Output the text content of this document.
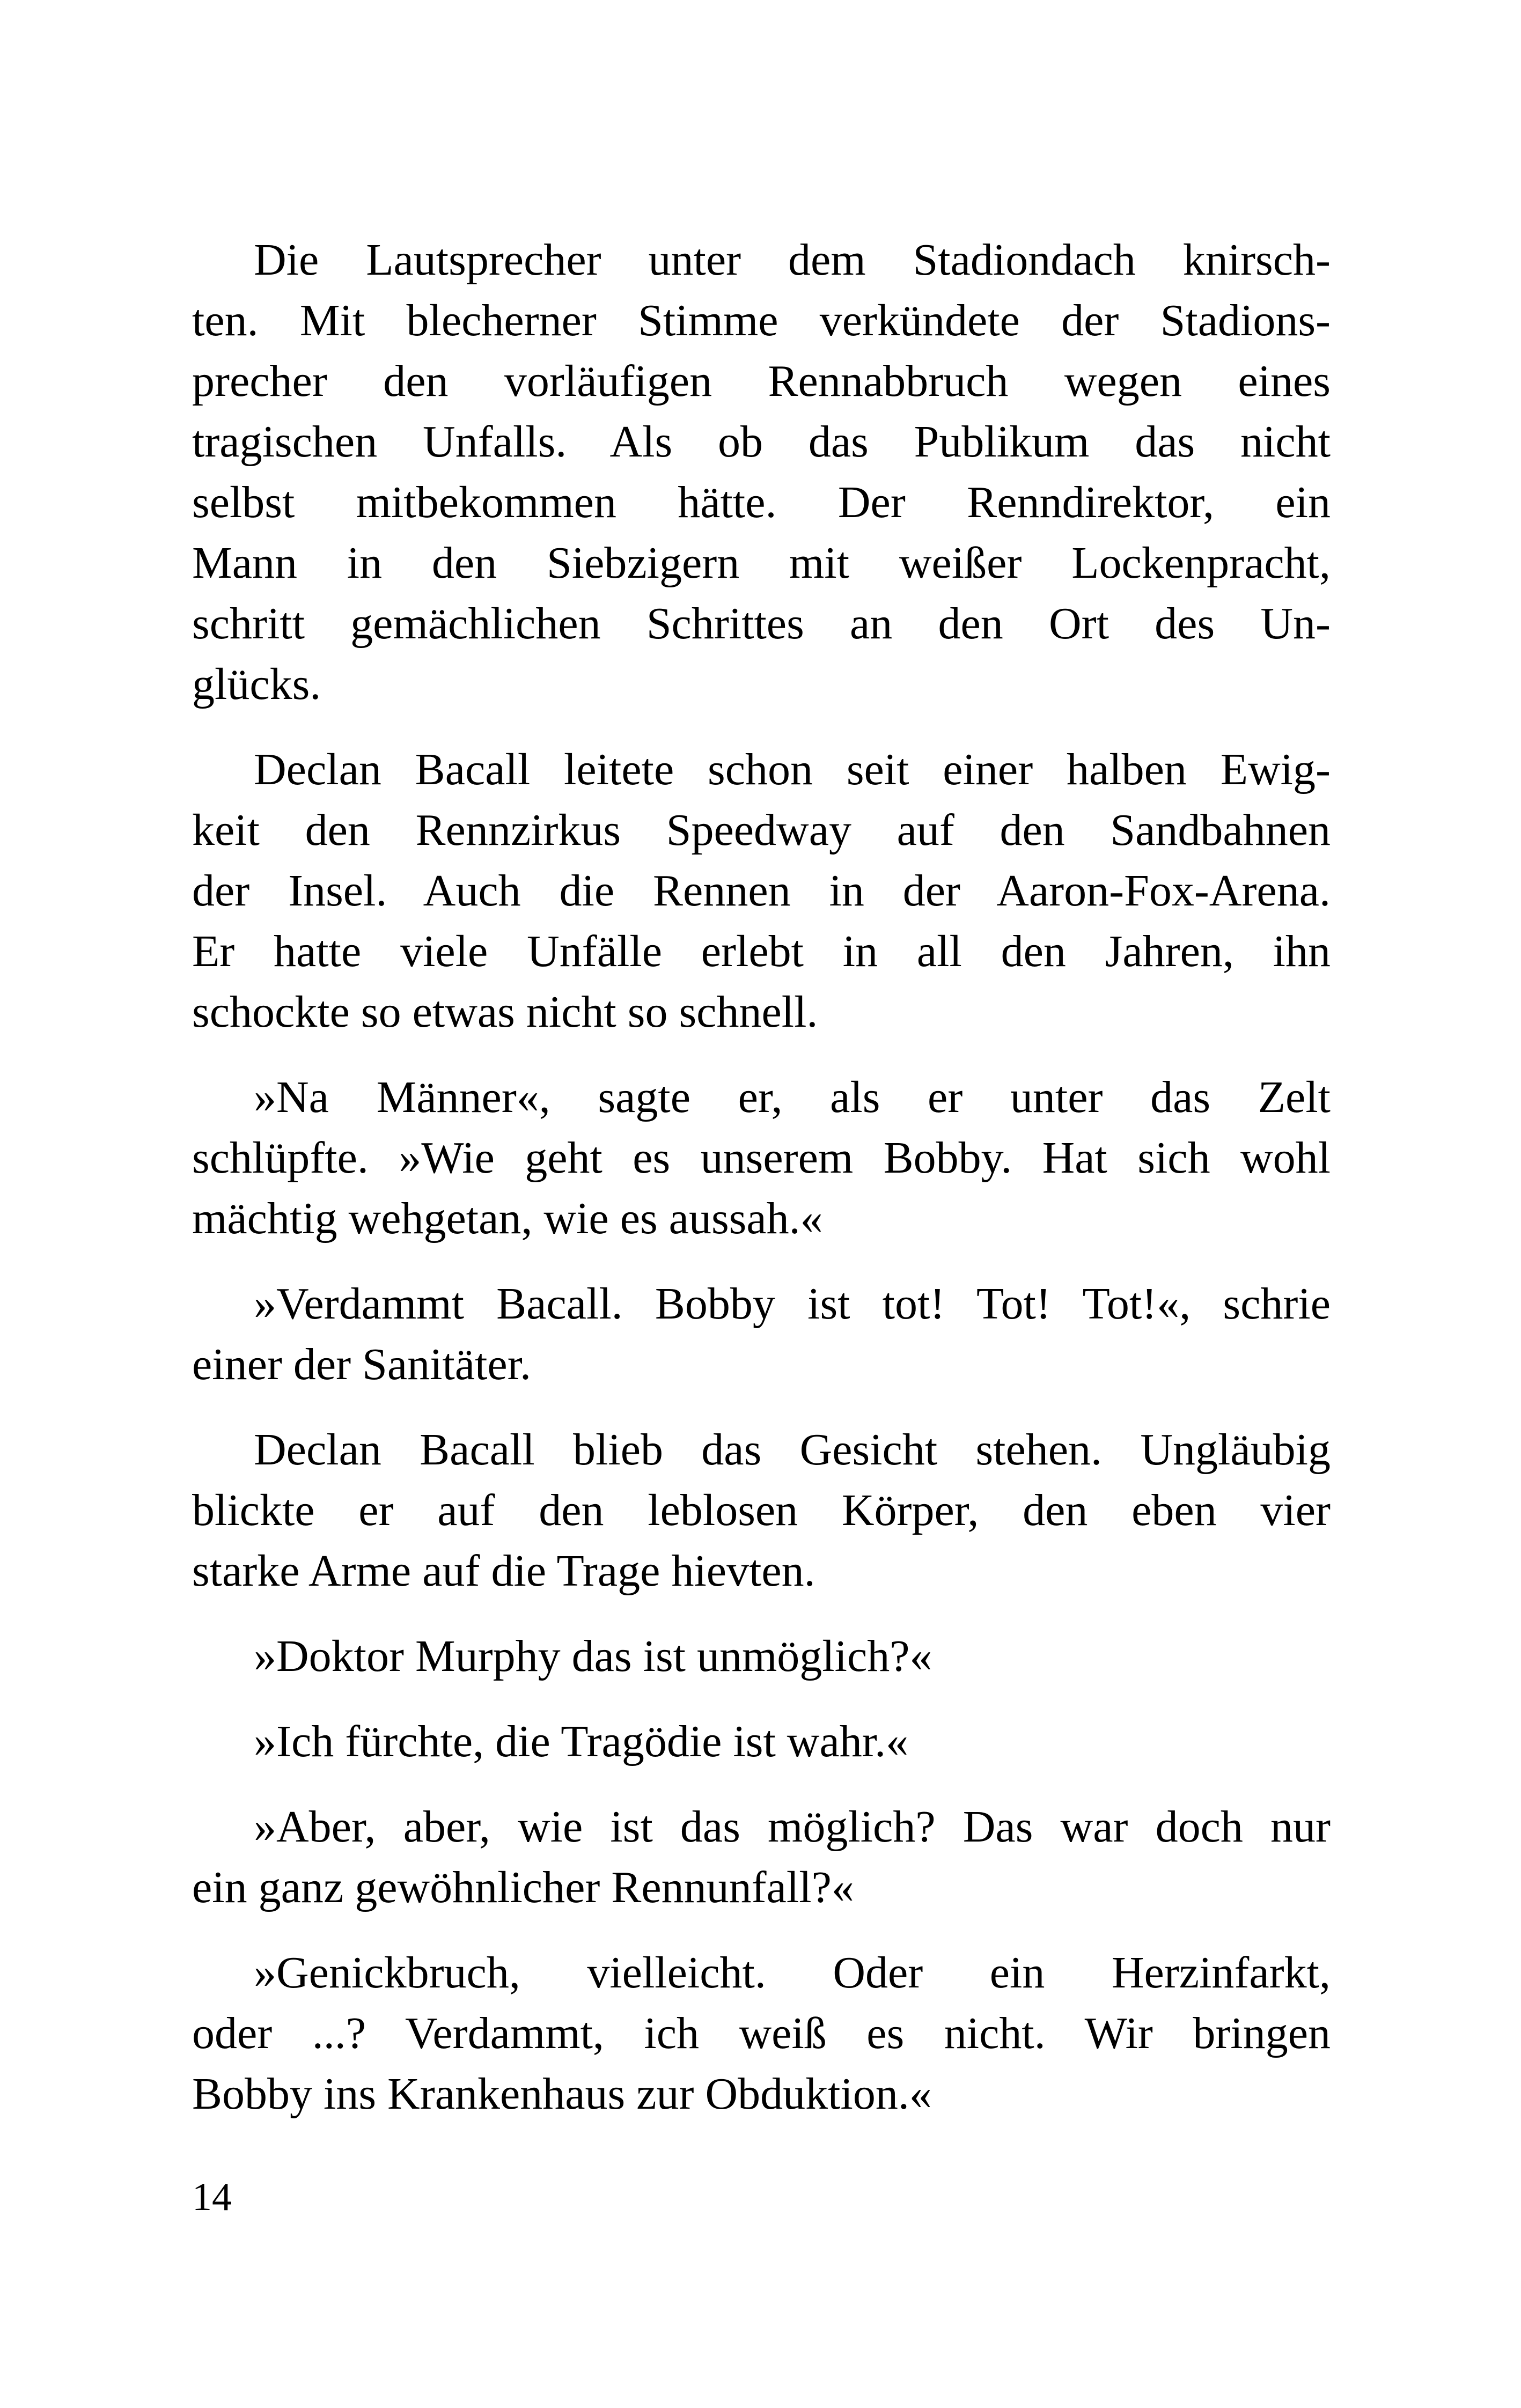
Die Lautsprecher unter dem Stadiondach knirsch-
ten. Mit blecherner Stimme verkündete der Stadions-
precher den vorläufigen Rennabbruch wegen eines
tragischen Unfalls. Als ob das Publikum das nicht
selbst mitbekommen hätte. Der Renndirektor, ein
Mann in den Siebzigern mit weißer Lockenpracht,
schritt gemächlichen Schrittes an den Ort des Un-
glücks.
Declan Bacall leitete schon seit einer halben Ewig-
keit den Rennzirkus Speedway auf den Sandbahnen
der Insel. Auch die Rennen in der Aaron-Fox-Arena.
Er hatte viele Unfälle erlebt in all den Jahren, ihn
schockte so etwas nicht so schnell.
»Na Männer«, sagte er, als er unter das Zelt
schlüpfte. »Wie geht es unserem Bobby. Hat sich wohl
mächtig wehgetan, wie es aussah.«
»Verdammt Bacall. Bobby ist tot! Tot! Tot!«, schrie
einer der Sanitäter.
Declan Bacall blieb das Gesicht stehen. Ungläubig
blickte er auf den leblosen Körper, den eben vier
starke Arme auf die Trage hievten.
»Doktor Murphy das ist unmöglich?«
»Ich fürchte, die Tragödie ist wahr.«
»Aber, aber, wie ist das möglich? Das war doch nur
ein ganz gewöhnlicher Rennunfall?«
»Genickbruch, vielleicht. Oder ein Herzinfarkt,
oder ...? Verdammt, ich weiß es nicht. Wir bringen
Bobby ins Krankenhaus zur Obduktion.«
14
